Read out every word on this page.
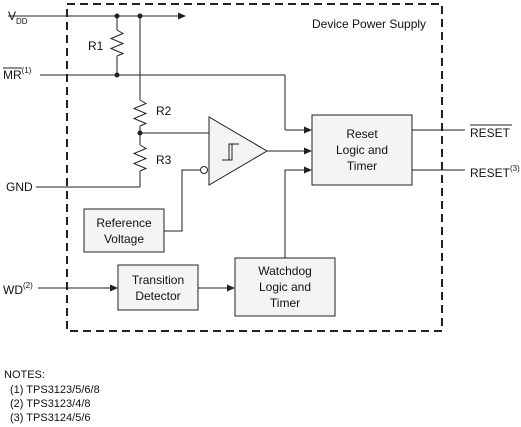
Device Power Supply
$V_{DD}$
R1
MR$^{(1)}$
R2
R3
GND
Reference
Voltage
Reset
Logic and
Timer
RESET
RESET$^{(3)}$
WD$^{(2)}$	Transition
Detector
Watchdog
Logic and
Timer
NOTES:
(1) TPS3123/5/6/8
(2) TPS3123/4/8
(3) TPS3124/5/6
